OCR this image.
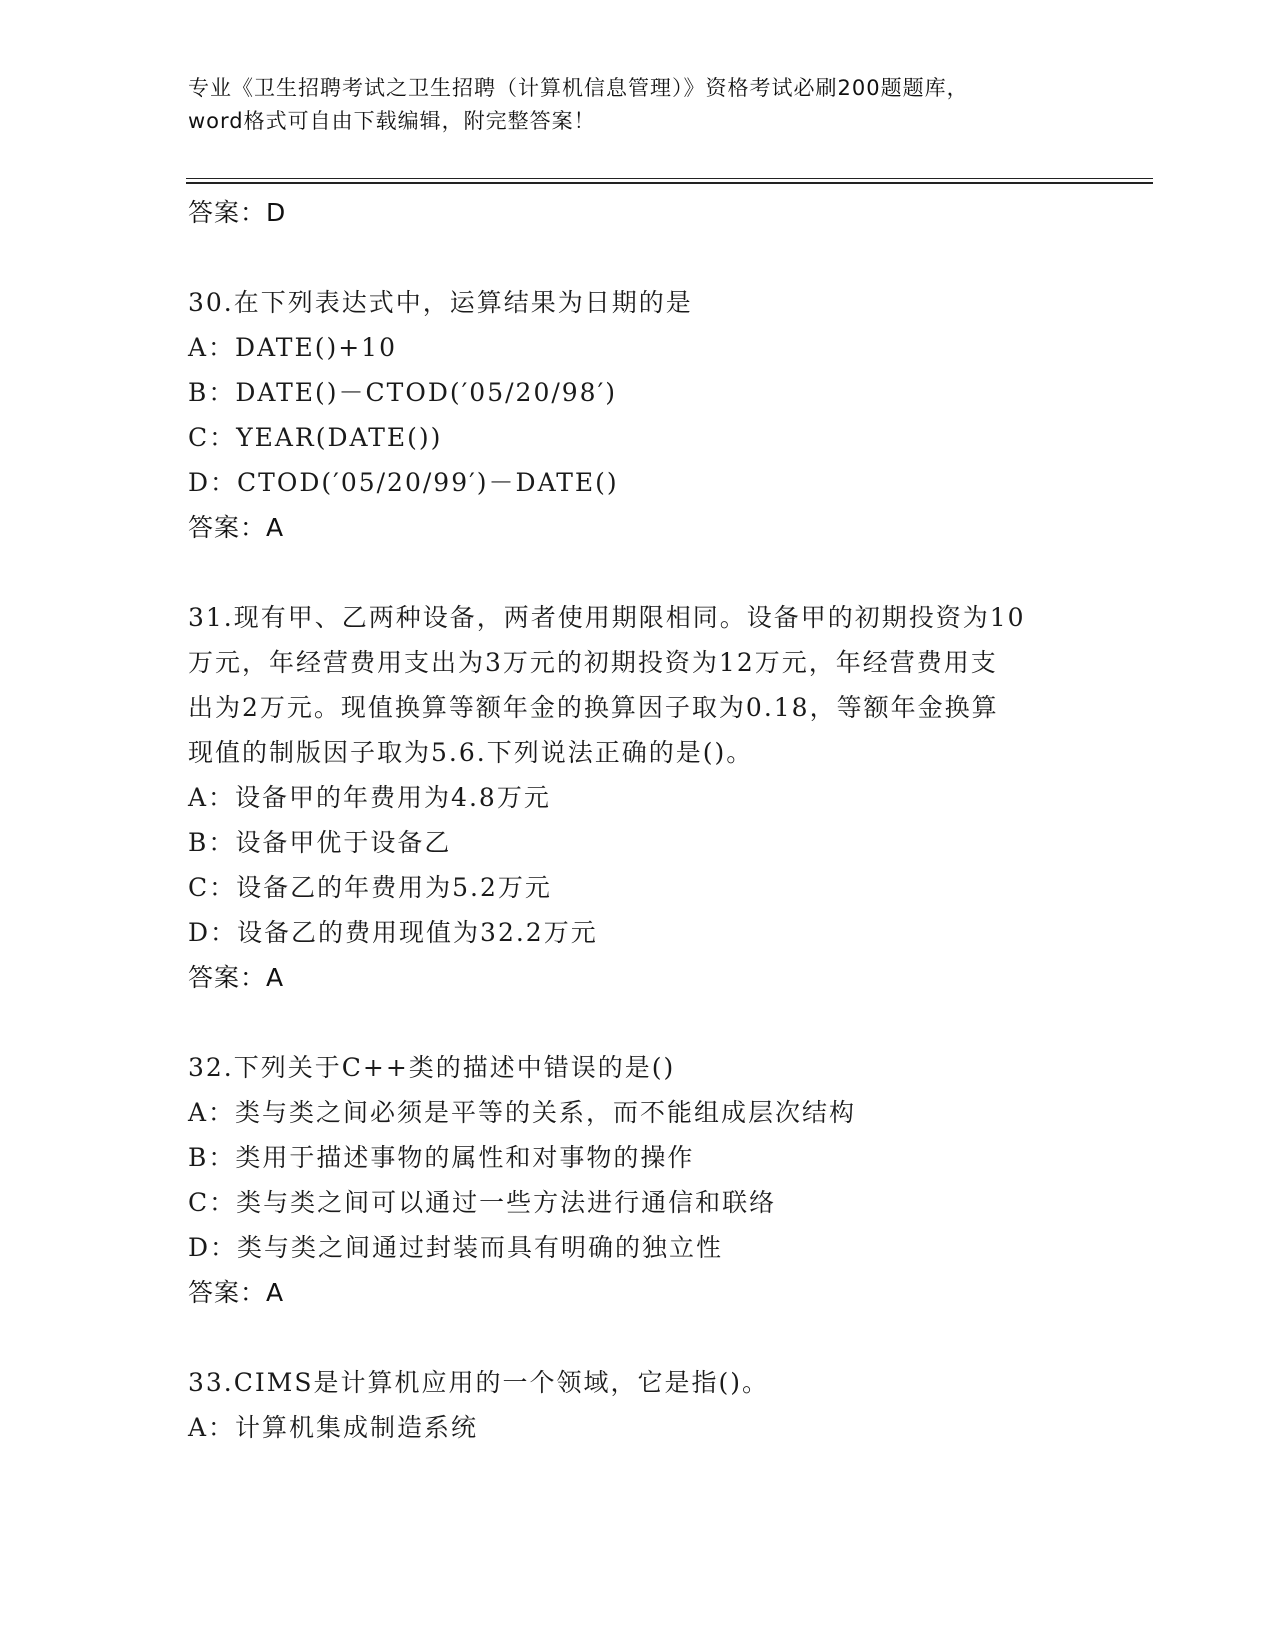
专业《卫生招聘考试之卫生招聘（计算机信息管理）》资格考试必刷200题题库，
word格式可自由下载编辑，附完整答案！
答案：D
30.在下列表达式中，运算结果为日期的是
A：DATE()+10
B：DATE()－CTOD(′05/20/98′)
C：YEAR(DATE())
D：CTOD(′05/20/99′)－DATE()
答案：A
31.现有甲、乙两种设备，两者使用期限相同。设备甲的初期投资为10
万元，年经营费用支出为3万元的初期投资为12万元，年经营费用支
出为2万元。现值换算等额年金的换算因子取为0.18，等额年金换算
现值的制版因子取为5.6.下列说法正确的是()。
A：设备甲的年费用为4.8万元
B：设备甲优于设备乙
C：设备乙的年费用为5.2万元
D：设备乙的费用现值为32.2万元
答案：A
32.下列关于C++类的描述中错误的是()
A：类与类之间必须是平等的关系，而不能组成层次结构
B：类用于描述事物的属性和对事物的操作
C：类与类之间可以通过一些方法进行通信和联络
D：类与类之间通过封装而具有明确的独立性
答案：A
33.CIMS是计算机应用的一个领域，它是指()。
A：计算机集成制造系统
